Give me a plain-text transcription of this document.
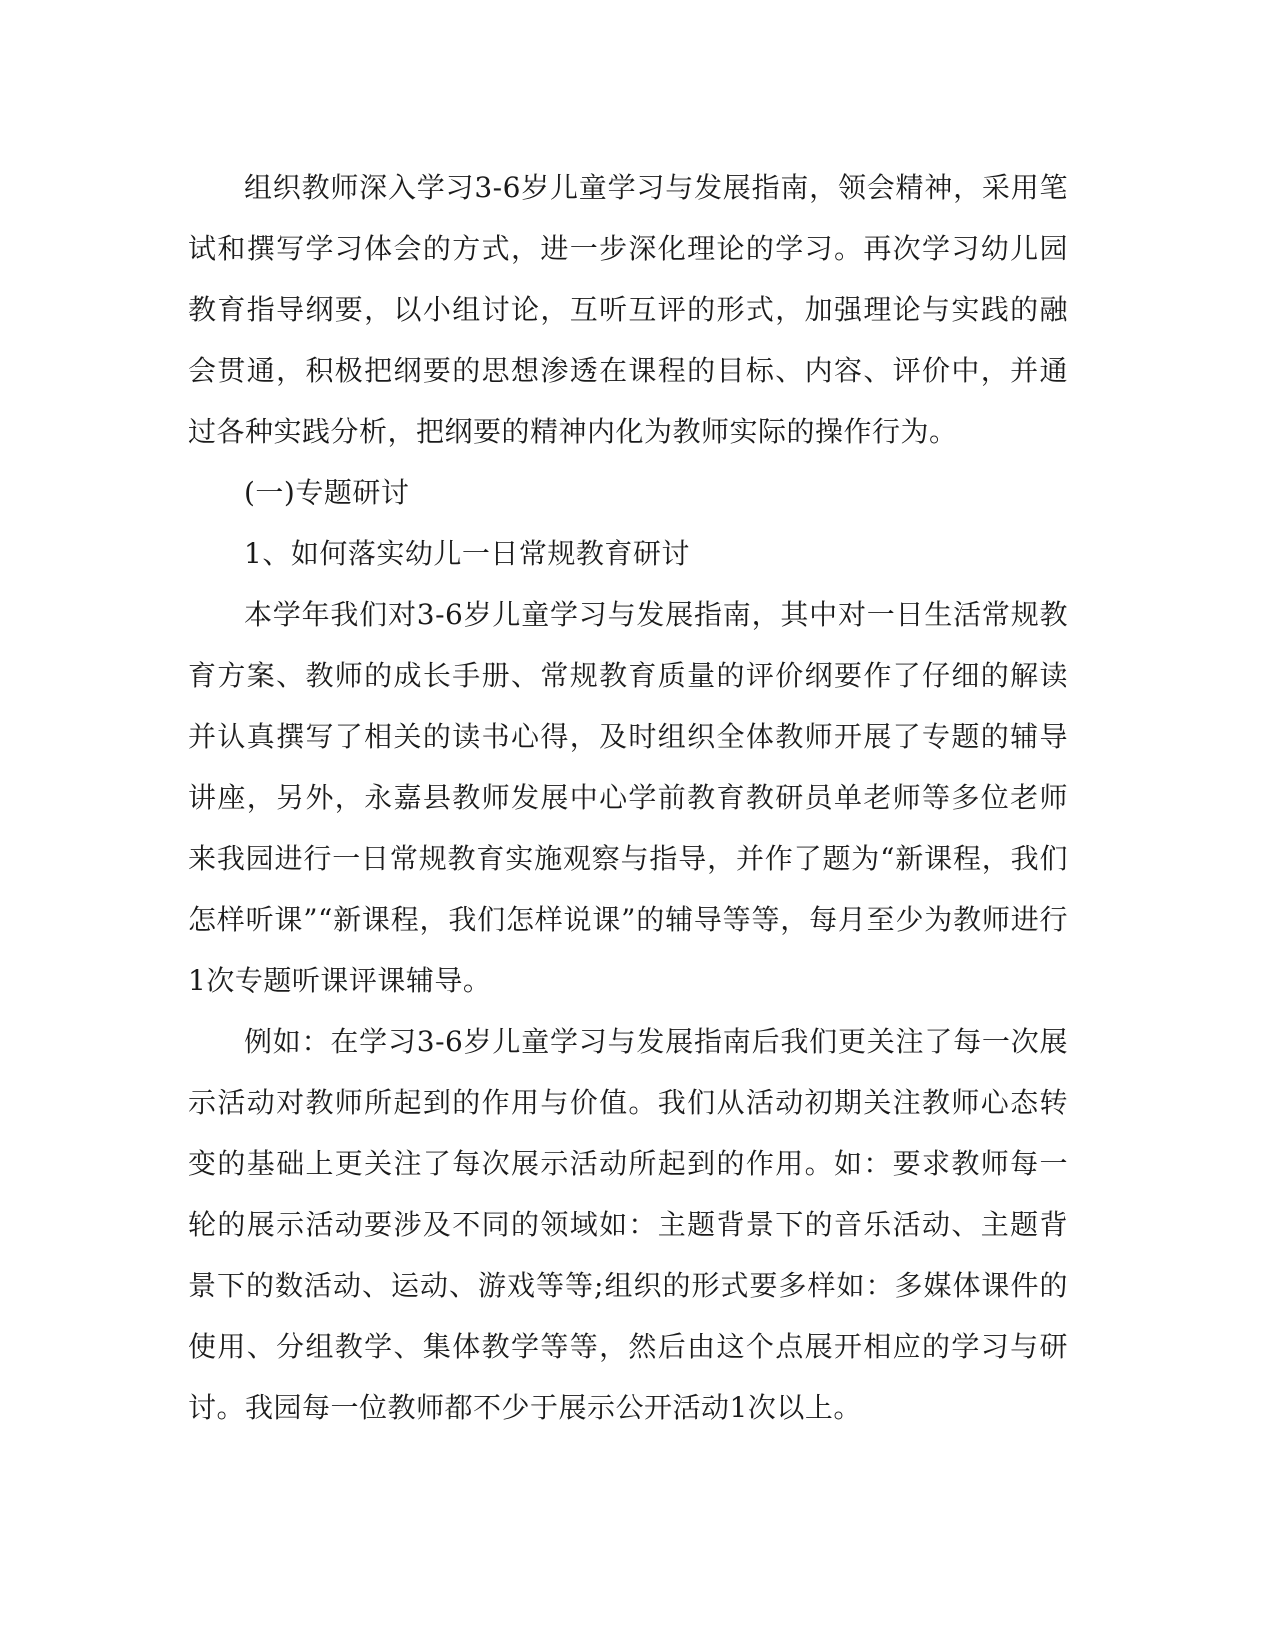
组织教师深入学习3-6岁儿童学习与发展指南，领会精神，采用笔试和撰写学习体会的方式，进一步深化理论的学习。再次学习幼儿园教育指导纲要，以小组讨论，互听互评的形式，加强理论与实践的融会贯通，积极把纲要的思想渗透在课程的目标、内容、评价中，并通过各种实践分析，把纲要的精神内化为教师实际的操作行为。

(一)专题研讨

1、如何落实幼儿一日常规教育研讨

本学年我们对3-6岁儿童学习与发展指南，其中对一日生活常规教育方案、教师的成长手册、常规教育质量的评价纲要作了仔细的解读并认真撰写了相关的读书心得，及时组织全体教师开展了专题的辅导讲座，另外，永嘉县教师发展中心学前教育教研员单老师等多位老师来我园进行一日常规教育实施观察与指导，并作了题为“新课程，我们怎样听课”“新课程，我们怎样说课”的辅导等等，每月至少为教师进行1次专题听课评课辅导。

例如：在学习3-6岁儿童学习与发展指南后我们更关注了每一次展示活动对教师所起到的作用与价值。我们从活动初期关注教师心态转变的基础上更关注了每次展示活动所起到的作用。如：要求教师每一轮的展示活动要涉及不同的领域如：主题背景下的音乐活动、主题背景下的数活动、运动、游戏等等;组织的形式要多样如：多媒体课件的使用、分组教学、集体教学等等，然后由这个点展开相应的学习与研讨。我园每一位教师都不少于展示公开活动1次以上。
